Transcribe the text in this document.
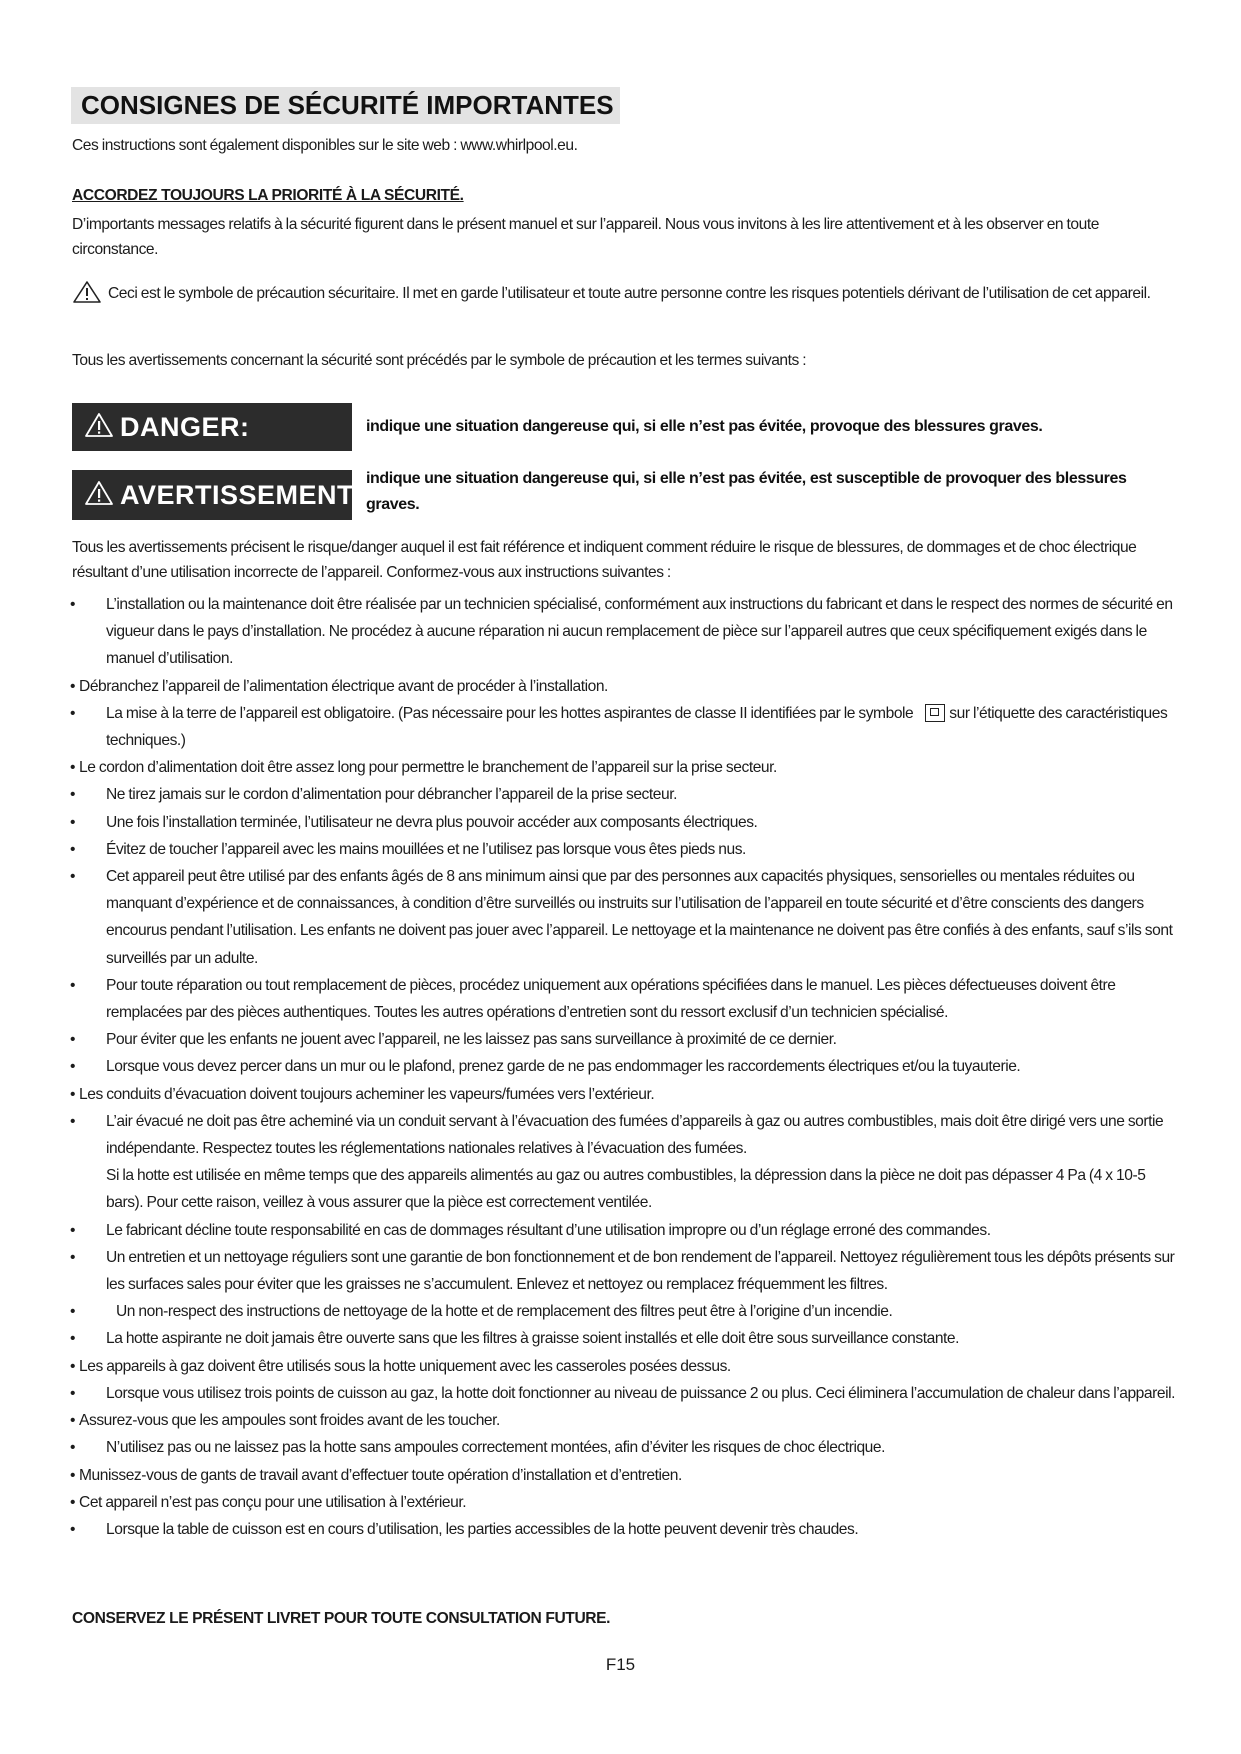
CONSIGNES DE SÉCURITÉ IMPORTANTES
Ces instructions sont également disponibles sur le site web : www.whirlpool.eu.
ACCORDEZ TOUJOURS LA PRIORITÉ À LA SÉCURITÉ.
D’importants messages relatifs à la sécurité figurent dans le présent manuel et sur l’appareil. Nous vous invitons à les lire attentivement et à les observer en toute circonstance.
Ceci est le symbole de précaution sécuritaire. Il met en garde l’utilisateur et toute autre personne contre les risques potentiels dérivant de l’utilisation de cet appareil.
Tous les avertissements concernant la sécurité sont précédés par le symbole de précaution et les termes suivants :
DANGER:	indique une situation dangereuse qui, si elle n’est pas évitée, provoque des blessures graves.
AVERTISSEMENT:
indique une situation dangereuse qui, si elle n’est pas évitée, est susceptible de provoquer des blessures graves.
Tous les avertissements précisent le risque/danger auquel il est fait référence et indiquent comment réduire le risque de blessures, de dommages et de choc électrique résultant d’une utilisation incorrecte de l’appareil. Conformez-vous aux instructions suivantes :
• L’installation ou la maintenance doit être réalisée par un technicien spécialisé, conformément aux instructions du fabricant et dans le respect des normes de sécurité en vigueur dans le pays d’installation. Ne procédez à aucune réparation ni aucun remplacement de pièce sur l’appareil autres que ceux spécifiquement exigés dans le manuel d’utilisation.
• Débranchez l’appareil de l’alimentation électrique avant de procéder à l’installation.
• La mise à la terre de l’appareil est obligatoire. (Pas nécessaire pour les hottes aspirantes de classe II identifiées par le symbole sur l’étiquette des caractéristiques techniques.)
• Le cordon d’alimentation doit être assez long pour permettre le branchement de l’appareil sur la prise secteur.
• Ne tirez jamais sur le cordon d’alimentation pour débrancher l’appareil de la prise secteur.
• Une fois l’installation terminée, l’utilisateur ne devra plus pouvoir accéder aux composants électriques.
• Évitez de toucher l’appareil avec les mains mouillées et ne l’utilisez pas lorsque vous êtes pieds nus.
• Cet appareil peut être utilisé par des enfants âgés de 8 ans minimum ainsi que par des personnes aux capacités physiques, sensorielles ou mentales réduites ou manquant d’expérience et de connaissances, à condition d’être surveillés ou instruits sur l’utilisation de l’appareil en toute sécurité et d’être conscients des dangers encourus pendant l’utilisation. Les enfants ne doivent pas jouer avec l’appareil. Le nettoyage et la maintenance ne doivent pas être confiés à des enfants, sauf s’ils sont surveillés par un adulte.
• Pour toute réparation ou tout remplacement de pièces, procédez uniquement aux opérations spécifiées dans le manuel. Les pièces défectueuses doivent être remplacées par des pièces authentiques. Toutes les autres opérations d’entretien sont du ressort exclusif d’un technicien spécialisé.
• Pour éviter que les enfants ne jouent avec l’appareil, ne les laissez pas sans surveillance à proximité de ce dernier.
• Lorsque vous devez percer dans un mur ou le plafond, prenez garde de ne pas endommager les raccordements électriques et/ou la tuyauterie.
• Les conduits d’évacuation doivent toujours acheminer les vapeurs/fumées vers l’extérieur.
• L’air évacué ne doit pas être acheminé via un conduit servant à l’évacuation des fumées d’appareils à gaz ou autres combustibles, mais doit être dirigé vers une sortie indépendante. Respectez toutes les réglementations nationales relatives à l’évacuation des fumées.
Si la hotte est utilisée en même temps que des appareils alimentés au gaz ou autres combustibles, la dépression dans la pièce ne doit pas dépasser 4 Pa (4 x 10-5 bars). Pour cette raison, veillez à vous assurer que la pièce est correctement ventilée.
• Le fabricant décline toute responsabilité en cas de dommages résultant d’une utilisation impropre ou d’un réglage erroné des commandes.
• Un entretien et un nettoyage réguliers sont une garantie de bon fonctionnement et de bon rendement de l’appareil. Nettoyez régulièrement tous les dépôts présents sur les surfaces sales pour éviter que les graisses ne s’accumulent. Enlevez et nettoyez ou remplacez fréquemment les filtres.
•	Un non-respect des instructions de nettoyage de la hotte et de remplacement des filtres peut être à l’origine d’un incendie.
• La hotte aspirante ne doit jamais être ouverte sans que les filtres à graisse soient installés et elle doit être sous surveillance constante.
• Les appareils à gaz doivent être utilisés sous la hotte uniquement avec les casseroles posées dessus.
• Lorsque vous utilisez trois points de cuisson au gaz, la hotte doit fonctionner au niveau de puissance 2 ou plus. Ceci éliminera l’accumulation de chaleur dans l’appareil.
• Assurez-vous que les ampoules sont froides avant de les toucher.
• N’utilisez pas ou ne laissez pas la hotte sans ampoules correctement montées, afin d’éviter les risques de choc électrique.
• Munissez-vous de gants de travail avant d’effectuer toute opération d’installation et d’entretien.
• Cet appareil n’est pas conçu pour une utilisation à l’extérieur.
• Lorsque la table de cuisson est en cours d’utilisation, les parties accessibles de la hotte peuvent devenir très chaudes.
CONSERVEZ LE PRÉSENT LIVRET POUR TOUTE CONSULTATION FUTURE.
F15
